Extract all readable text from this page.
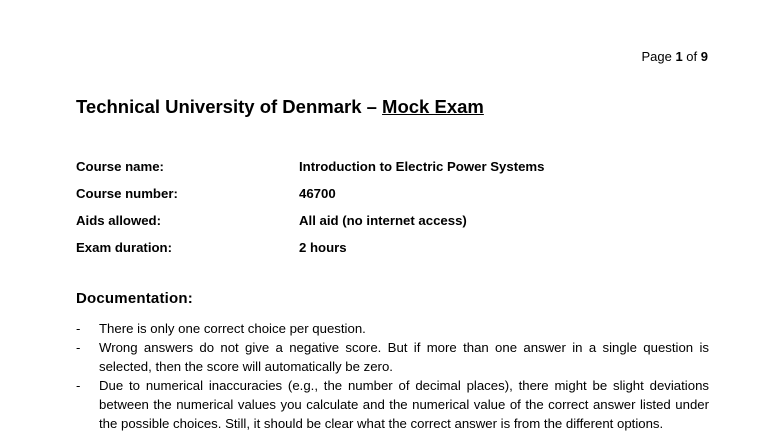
Page 1 of 9
Technical University of Denmark – Mock Exam
Course name:	Introduction to Electric Power Systems
Course number:	46700
Aids allowed:	All aid (no internet access)
Exam duration:	2 hours
Documentation:
- There is only one correct choice per question.
- Wrong answers do not give a negative score. But if more than one answer in a single question is selected, then the score will automatically be zero.
- Due to numerical inaccuracies (e.g., the number of decimal places), there might be slight deviations between the numerical values you calculate and the numerical value of the correct answer listed under the possible choices. Still, it should be clear what the correct answer is from the different options.
